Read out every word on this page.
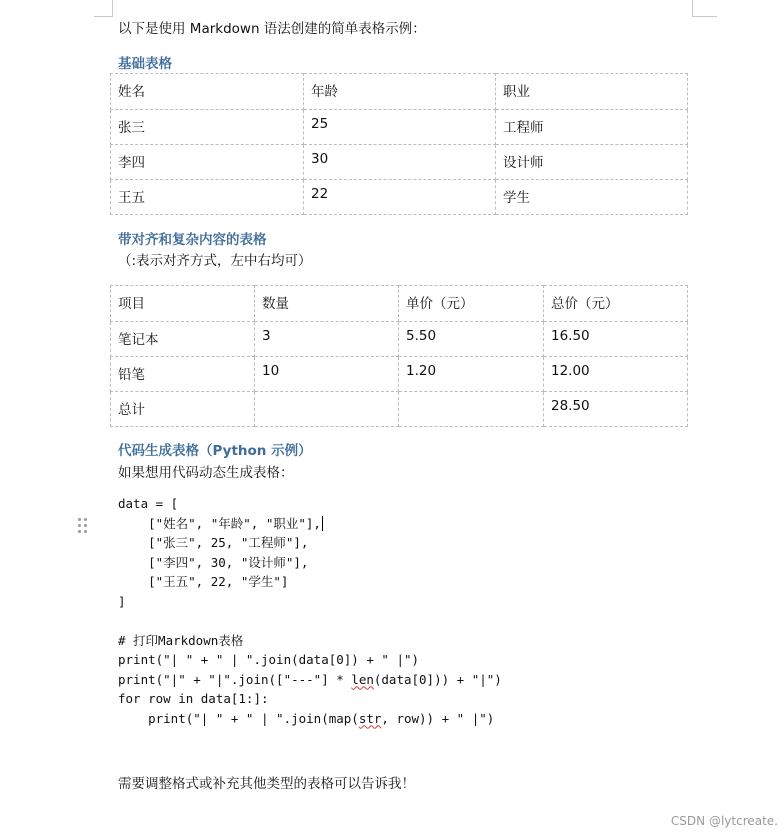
以下是使用 Markdown 语法创建的简单表格示例：
基础表格
姓名	年龄	职业
张三	25	工程师
李四	30	设计师
王五	22	学生
带对齐和复杂内容的表格
（:表示对齐方式，左中右均可）
项目	数量	单价（元）	总价（元）
笔记本	3	5.50	16.50
铅笔	10	1.20	12.00
总计			28.50
代码生成表格（Python 示例）
如果想用代码动态生成表格：
data = [
["姓名", "年龄", "职业"],
["张三", 25, "工程师"],
["李四", 30, "设计师"],
["王五", 22, "学生"]
]

# 打印Markdown表格
print("| " + " | ".join(data[0]) + " |")
print("|" + "|".join(["---"] * len(data[0])) + "|")
for row in data[1:]:
print("| " + " | ".join(map(str, row)) + " |")
需要调整格式或补充其他类型的表格可以告诉我！
CSDN @lytcreate.
